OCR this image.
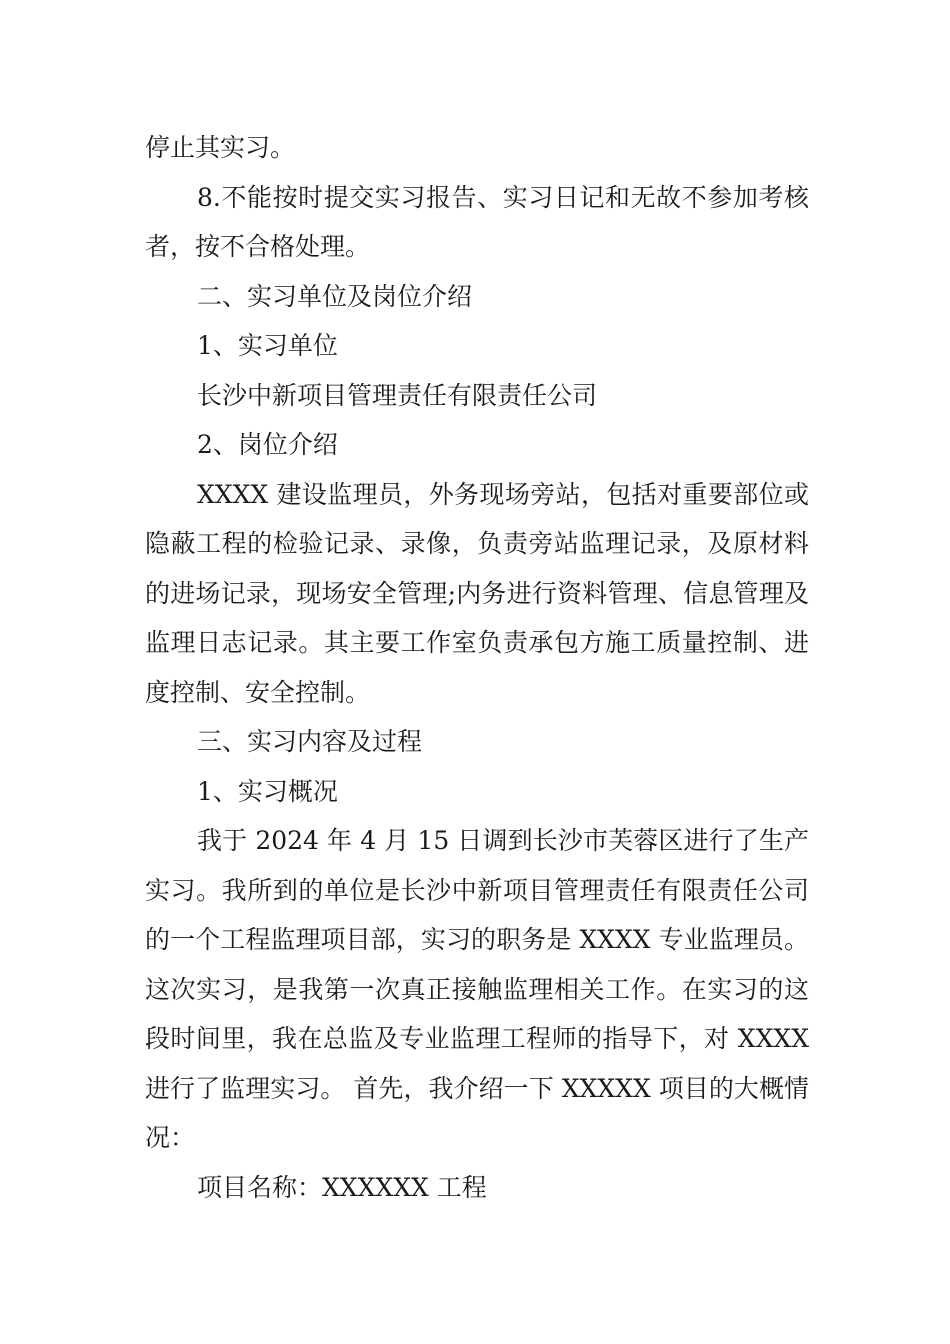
停止其实习。

8.不能按时提交实习报告、实习日记和无故不参加考核者，按不合格处理。

二、实习单位及岗位介绍

1、实习单位

长沙中新项目管理责任有限责任公司

2、岗位介绍

XXXX 建设监理员，外务现场旁站，包括对重要部位或隐蔽工程的检验记录、录像，负责旁站监理记录，及原材料的进场记录，现场安全管理;内务进行资料管理、信息管理及监理日志记录。其主要工作室负责承包方施工质量控制、进度控制、安全控制。

三、实习内容及过程

1、实习概况

我于 2024 年 4 月 15 日调到长沙市芙蓉区进行了生产实习。我所到的单位是长沙中新项目管理责任有限责任公司的一个工程监理项目部，实习的职务是 XXXX 专业监理员。这次实习，是我第一次真正接触监理相关工作。在实习的这段时间里，我在总监及专业监理工程师的指导下，对 XXXX 进行了监理实习。 首先，我介绍一下 XXXXX 项目的大概情况：

项目名称：XXXXXX 工程
